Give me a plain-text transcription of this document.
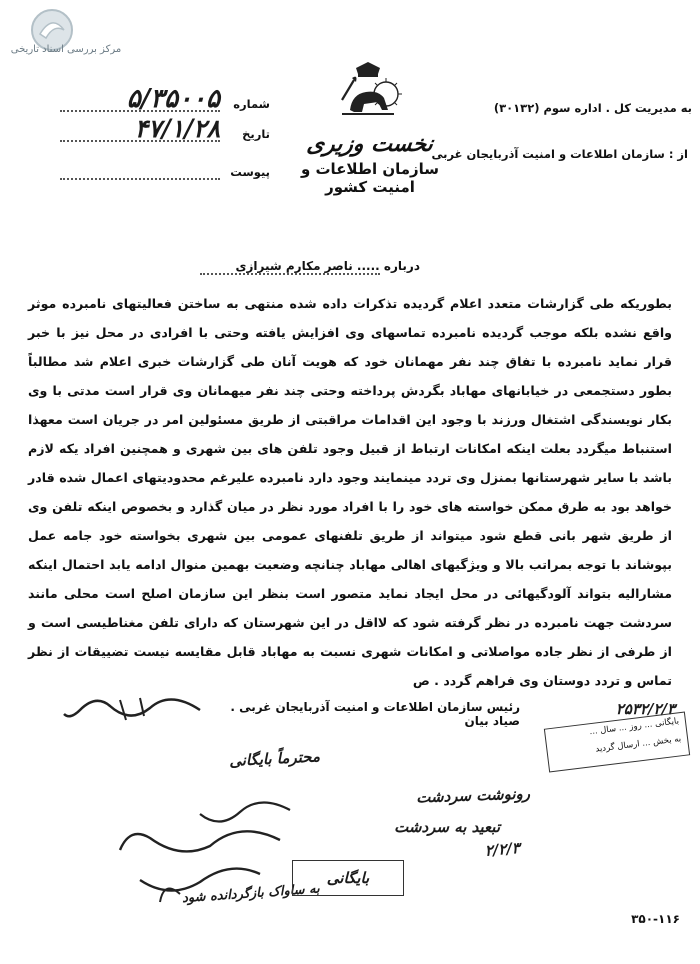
مرکز بررسی اسناد تاریخی
نخست وزیری
سازمان اطلاعات و امنیت کشور
به مدیریت کل . اداره سوم (۳۰۱۳۲)
از : سازمان اطلاعات و امنیت آذربایجان غربی
شماره
تاریخ
پیوست
۵/۳۵۰۰۵
۴۷/۱/۲۸
درباره ..... ناصر مکارم شیرازی
بطوریکه طی گزارشات متعدد اعلام گردیده تذکرات داده شده منتهی به ساختن فعالیتهای نامبرده موثر واقع نشده بلکه موجب گردیده نامبرده تماسهای وی افزایش یافته وحتی با افرادی در محل نیز با خبر قرار نماید نامبرده با تفاق چند نفر مهمانان خود که هویت آنان طی گزارشات خبری اعلام شد مطالباً بطور دستجمعی در خیابانهای مهاباد بگردش پرداخته وحتی چند نفر میهمانان وی قرار است مدتی با وی بکار نویسندگی اشتغال ورزند با وجود این اقدامات مراقبتی از طریق مسئولین امر در جریان است معهذا استنباط میگردد بعلت اینکه امکانات ارتباط از قبیل وجود تلفن های بین شهری و همچنین افراد یکه لازم باشد با سایر شهرستانها بمنزل وی تردد مینمایند وجود دارد نامبرده علیرغم محدودیتهای اعمال شده قادر خواهد بود به طرق ممکن خواسته های خود را با افراد مورد نظر در میان گذارد و بخصوص اینکه تلفن وی از طریق شهر بانی قطع شود میتواند از طریق تلفنهای عمومی بین شهری بخواسته خود جامه عمل بپوشاند با توجه بمراتب بالا و ویژگیهای اهالی مهاباد چنانچه وضعیت بهمین منوال ادامه یابد احتمال اینکه مشارالیه بتواند آلودگیهائی در محل ایجاد نماید متصور است بنظر این سازمان اصلح است محلی مانند سردشت جهت نامبرده در نظر گرفته شود که لااقل در این شهرستان که دارای تلفن مغناطیسی است و از طرفی از نظر جاده مواصلاتی و امکانات شهری نسبت به مهاباد قابل مقایسه نیست تضییقات از نظر تماس و تردد دوستان وی فراهم گردد . ص
رئیس سازمان اطلاعات و امنیت آذربایجان غربی . صیاد بیان
۲۵۳۲/۲/۳
بایگانی ... روز ... سال ...
به بخش ... ارسال گردید
محترماً بایگانی
رونوشت سردشت
تبعید به سردشت
۲/۲/۳
به ساواک بازگردانده شود
بایگانی
۳۵۰-۱۱۶
